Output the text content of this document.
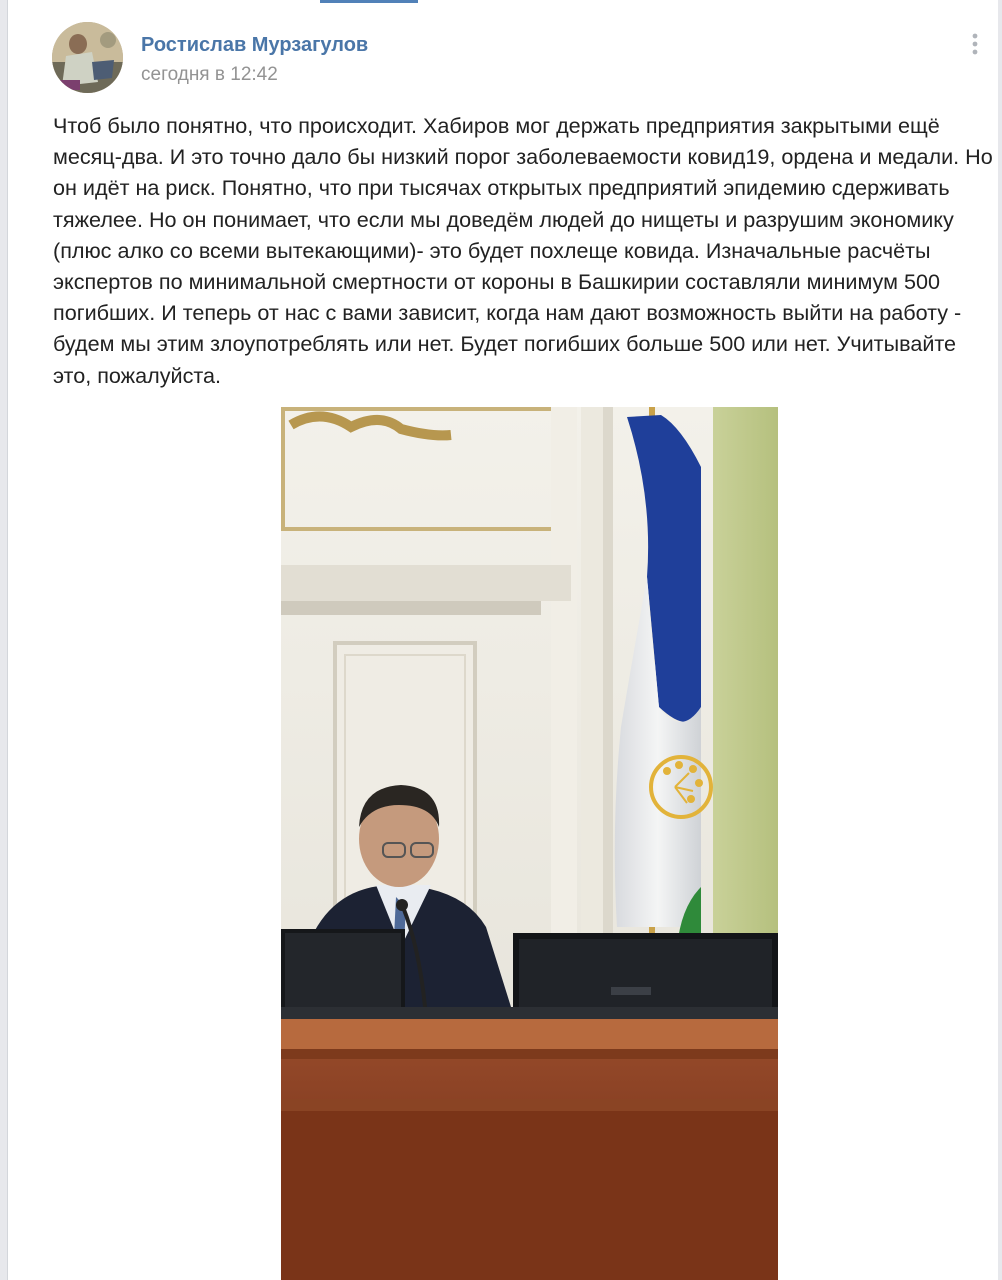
Ростислав Мурзагулов
сегодня в 12:42

Чтоб было понятно, что происходит. Хабиров мог держать предприятия закрытыми ещё месяц-два. И это точно дало бы низкий порог заболеваемости ковид19, ордена и медали. Но он идёт на риск. Понятно, что при тысячах открытых предприятий эпидемию сдерживать тяжелее. Но он понимает, что если мы доведём людей до нищеты и разрушим экономику (плюс алко со всеми вытекающими)- это будет похлеще ковида. Изначальные расчёты экспертов по минимальной смертности от короны в Башкирии составляли минимум 500 погибших. И теперь от нас с вами зависит, когда нам дают возможность выйти на работу - будем мы этим злоупотреблять или нет. Будет погибших больше 500 или нет. Учитывайте это, пожалуйста.
